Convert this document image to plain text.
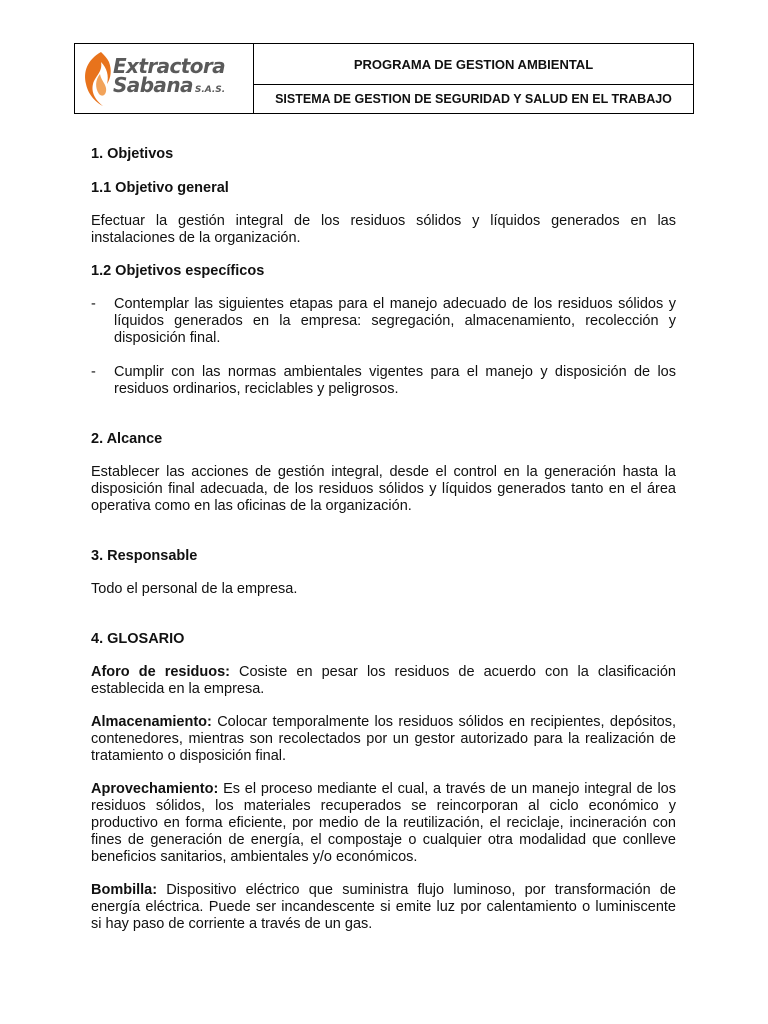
Extractora
Sabana S.A.S.
PROGRAMA DE GESTION AMBIENTAL
SISTEMA DE GESTION DE SEGURIDAD Y SALUD EN EL TRABAJO

1. Objetivos

1.1 Objetivo general

Efectuar la gestión integral de los residuos sólidos y líquidos generados en las instalaciones de la organización.

1.2 Objetivos específicos

-	Contemplar las siguientes etapas para el manejo adecuado de los residuos sólidos y líquidos generados en la empresa: segregación, almacenamiento, recolección y disposición final.
-	Cumplir con las normas ambientales vigentes para el manejo y disposición de los residuos ordinarios, reciclables y peligrosos.

2. Alcance

Establecer las acciones de gestión integral, desde el control en la generación hasta la disposición final adecuada, de los residuos sólidos y líquidos generados tanto en el área operativa como en las oficinas de la organización.

3. Responsable

Todo el personal de la empresa.

4. GLOSARIO

Aforo de residuos: Cosiste en pesar los residuos de acuerdo con la clasificación establecida en la empresa.

Almacenamiento: Colocar temporalmente los residuos sólidos en recipientes, depósitos, contenedores, mientras son recolectados por un gestor autorizado para la realización de tratamiento o disposición final.

Aprovechamiento: Es el proceso mediante el cual, a través de un manejo integral de los residuos sólidos, los materiales recuperados se reincorporan al ciclo económico y productivo en forma eficiente, por medio de la reutilización, el reciclaje, incineración con fines de generación de energía, el compostaje o cualquier otra modalidad que conlleve beneficios sanitarios, ambientales y/o económicos.

Bombilla: Dispositivo eléctrico que suministra flujo luminoso, por transformación de energía eléctrica. Puede ser incandescente si emite luz por calentamiento o luminiscente si hay paso de corriente a través de un gas.
